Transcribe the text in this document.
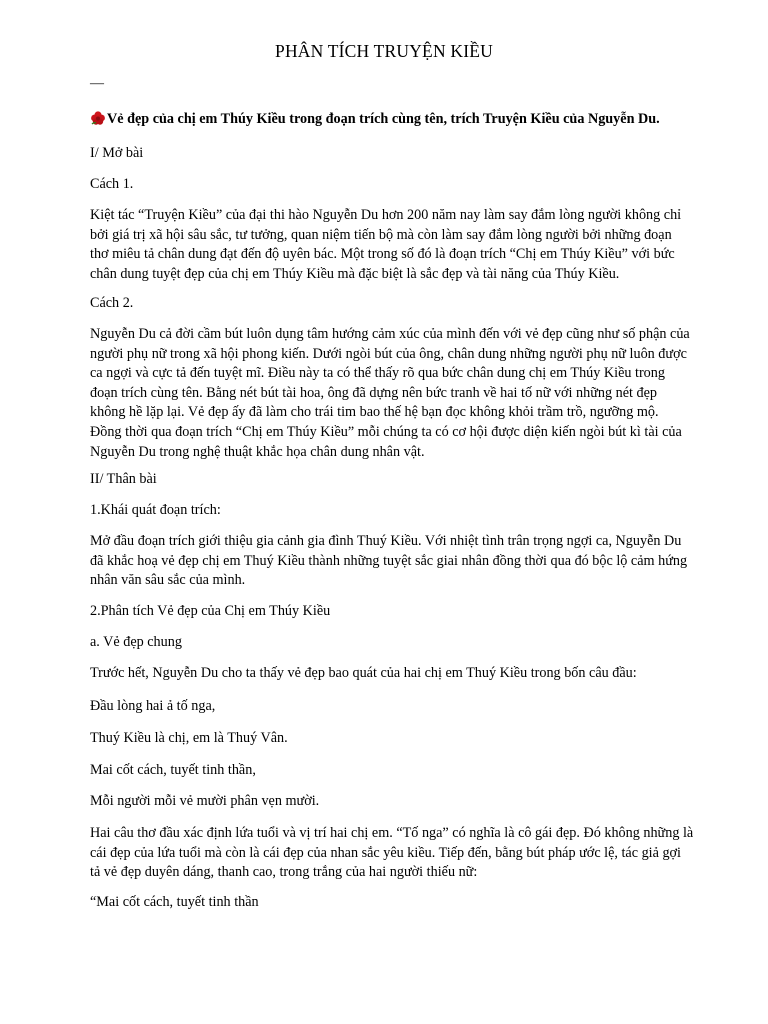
PHÂN TÍCH TRUYỆN KIỀU
—

Vẻ đẹp của chị em Thúy Kiều trong đoạn trích cùng tên, trích Truyện Kiều của Nguyễn Du.

I/ Mở bài

Cách 1.

Kiệt tác “Truyện Kiều” của đại thi hào Nguyễn Du hơn 200 năm nay làm say đắm lòng người không chỉ
bởi giá trị xã hội sâu sắc, tư tưởng, quan niệm tiến bộ mà còn làm say đắm lòng người bởi những đoạn
thơ miêu tả chân dung đạt đến độ uyên bác. Một trong số đó là đoạn trích “Chị em Thúy Kiều” với bức
chân dung tuyệt đẹp của chị em Thúy Kiều mà đặc biệt là sắc đẹp và tài năng của Thúy Kiều.

Cách 2.

Nguyễn Du cả đời cầm bút luôn dụng tâm hướng cảm xúc của mình đến với vẻ đẹp cũng như số phận của
người phụ nữ trong xã hội phong kiến. Dưới ngòi bút của ông, chân dung những người phụ nữ luôn được
ca ngợi và cực tả đến tuyệt mĩ. Điều này ta có thể thấy rõ qua bức chân dung chị em Thúy Kiều trong
đoạn trích cùng tên. Bằng nét bút tài hoa, ông đã dựng nên bức tranh về hai tố nữ với những nét đẹp
không hề lặp lại. Vẻ đẹp ấy đã làm cho trái tim bao thế hệ bạn đọc không khỏi trầm trồ, ngưỡng mộ.
Đồng thời qua đoạn trích “Chị em Thúy Kiều” mỗi chúng ta có cơ hội được diện kiến ngòi bút kì tài của
Nguyễn Du trong nghệ thuật khắc họa chân dung nhân vật.

II/ Thân bài

1.Khái quát đoạn trích:

Mở đầu đoạn trích giới thiệu gia cảnh gia đình Thuý Kiều. Với nhiệt tình trân trọng ngợi ca, Nguyễn Du
đã khắc hoạ vẻ đẹp chị em Thuý Kiều thành những tuyệt sắc giai nhân đồng thời qua đó bộc lộ cảm hứng
nhân văn sâu sắc của mình.

2.Phân tích Vẻ đẹp của Chị em Thúy Kiều

a. Vẻ đẹp chung

Trước hết, Nguyễn Du cho ta thấy vẻ đẹp bao quát của hai chị em Thuý Kiều trong bốn câu đầu:

Đầu lòng hai ả tố nga,

Thuý Kiều là chị, em là Thuý Vân.

Mai cốt cách, tuyết tinh thần,

Mỗi người mỗi vẻ mười phân vẹn mười.

Hai câu thơ đầu xác định lứa tuổi và vị trí hai chị em. “Tố nga” có nghĩa là cô gái đẹp. Đó không những là
cái đẹp của lứa tuổi mà còn là cái đẹp của nhan sắc yêu kiều. Tiếp đến, bằng bút pháp ước lệ, tác giả gợi
tả vẻ đẹp duyên dáng, thanh cao, trong trắng của hai người thiếu nữ:

“Mai cốt cách, tuyết tinh thần
